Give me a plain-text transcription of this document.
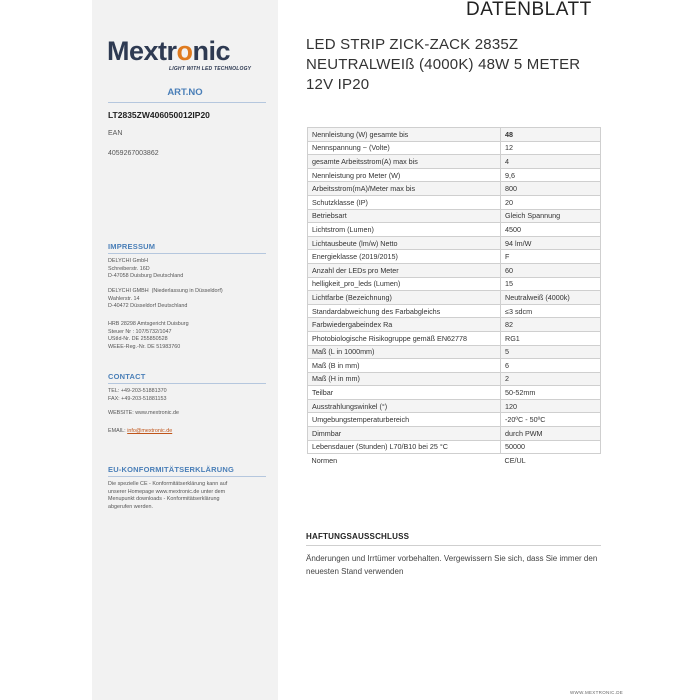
Mextronic
LIGHT WITH LED TECHNOLOGY
ART.NO
LT2835ZW406050012IP20
EAN
4059267003862
IMPRESSUM
DELYCHI GmbH
Schreiberstr. 16D
D-47058 Duisburg Deutschland
DELYCHI GMBH  (Niederlassung in Düsseldorf)
Wahlerstr. 14
D-40472 Düsseldorf Deutschland
HRB 28298 Amtsgericht Duisburg
Steuer Nr : 107/5732/1047
UStId-Nr. DE 255850528
WEEE-Reg.-Nr. DE 51983760
CONTACT
TEL: +49-203-51881370
FAX: +49-203-51881153
WEBSITE: www.mextronic.de
EMAIL: info@mextronic.de
EU-KONFORMITÄTSERKLÄRUNG
Die spezielle CE - Konformitätserklärung kann auf
unserer Homepage www.mextronic.de unter dem
Menupunkt downloads - Konformitätserklärung
abgerufen werden.
DATENBLATT
LED STRIP ZICK-ZACK 2835Z NEUTRALWEIß (4000K) 48W 5 METER 12V IP20
Nennleistung (W) gesamte bis	48
Nennspannung ~ (Volte)	12
gesamte Arbeitsstrom(A) max bis	4
Nennleistung pro Meter (W)	9,6
Arbeitsstrom(mA)/Meter max bis	800
Schutzklasse (IP)	20
Betriebsart	Gleich Spannung
Lichtstrom (Lumen)	4500
Lichtausbeute (lm/w) Netto	94 lm/W
Energieklasse (2019/2015)	F
Anzahl der LEDs pro Meter	60
helligkeit_pro_leds (Lumen)	15
Lichtfarbe (Bezeichnung)	Neutralweiß (4000k)
Standardabweichung des Farbabgleichs	≤3 sdcm
Farbwiedergabeindex Ra	82
Photobiologische Risikogruppe gemäß EN62778	RG1
Maß (L in 1000mm)	5
Maß (B in mm)	6
Maß (H in mm)	2
Teilbar	50-52mm
Ausstrahlungswinkel (°)	120
Umgebungstemperaturbereich	-20ºC - 50ºC
Dimmbar	durch PWM
Lebensdauer (Stunden) L70/B10 bei 25 °C	50000
Normen	CE/UL
HAFTUNGSAUSSCHLUSS
Änderungen und Irrtümer vorbehalten. Vergewissern Sie sich, dass Sie immer den neuesten Stand verwenden
WWW.MEXTRONIC.DE
